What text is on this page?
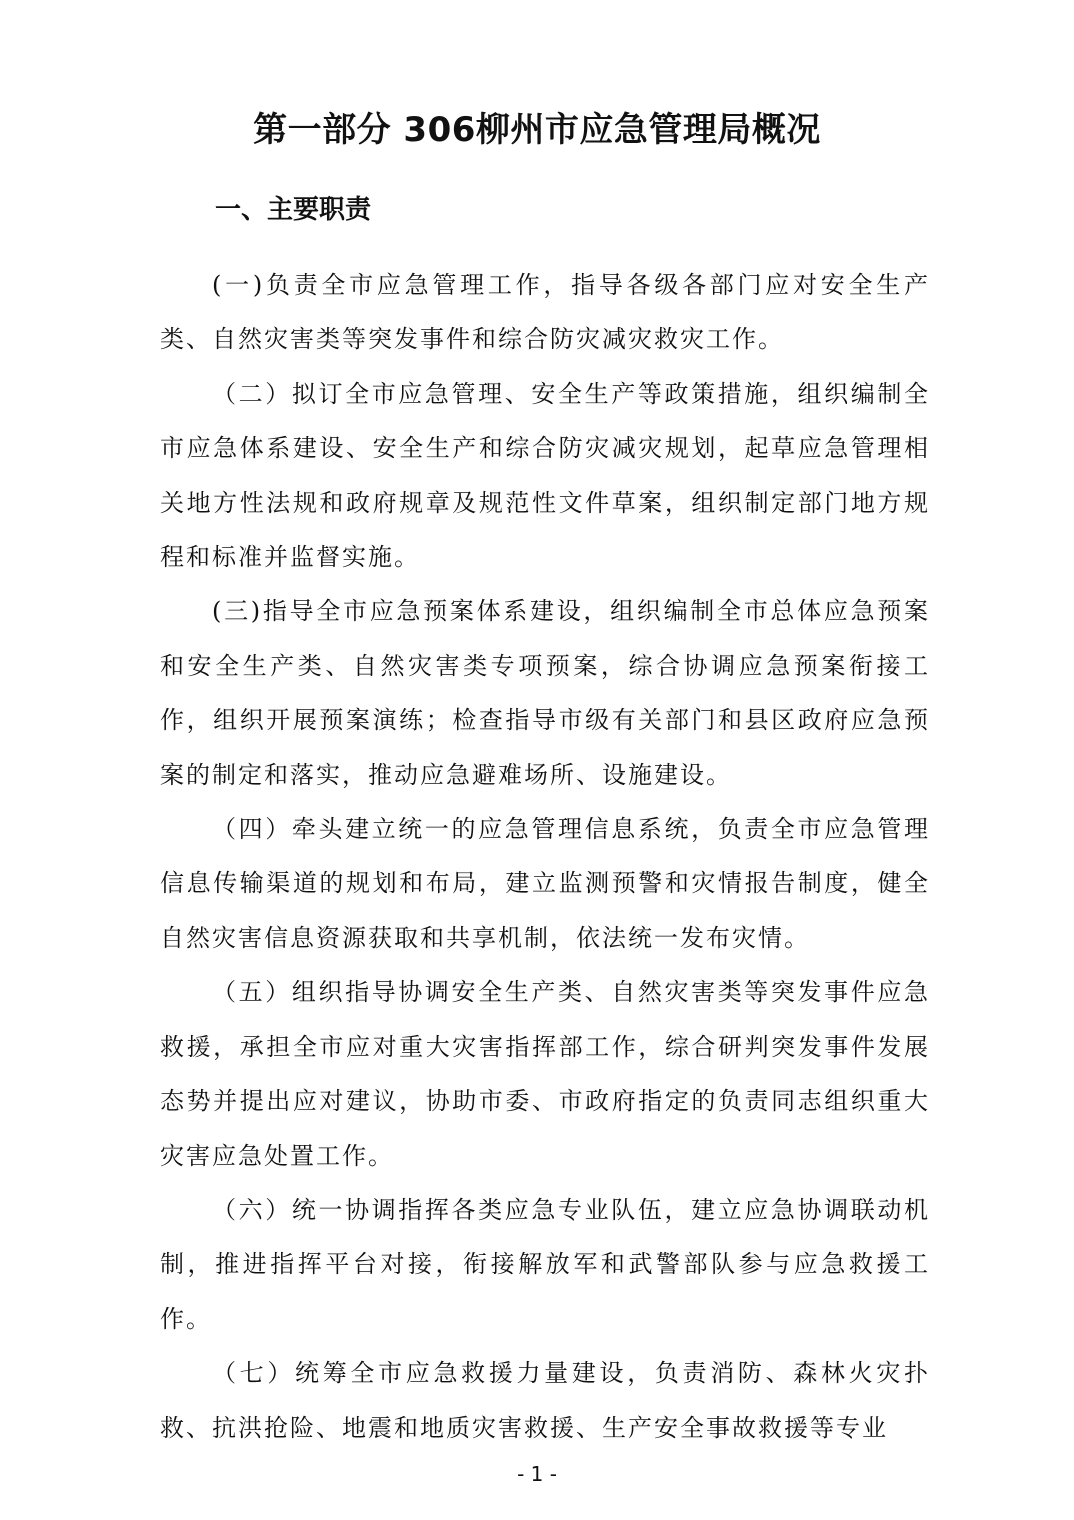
第一部分 306柳州市应急管理局概况
一、主要职责

(一)负责全市应急管理工作，指导各级各部门应对安全生产类、自然灾害类等突发事件和综合防灾减灾救灾工作。

（二）拟订全市应急管理、安全生产等政策措施，组织编制全市应急体系建设、安全生产和综合防灾减灾规划，起草应急管理相关地方性法规和政府规章及规范性文件草案，组织制定部门地方规程和标准并监督实施。

(三)指导全市应急预案体系建设，组织编制全市总体应急预案和安全生产类、自然灾害类专项预案，综合协调应急预案衔接工作，组织开展预案演练；检查指导市级有关部门和县区政府应急预案的制定和落实，推动应急避难场所、设施建设。

（四）牵头建立统一的应急管理信息系统，负责全市应急管理信息传输渠道的规划和布局，建立监测预警和灾情报告制度，健全自然灾害信息资源获取和共享机制，依法统一发布灾情。

（五）组织指导协调安全生产类、自然灾害类等突发事件应急救援，承担全市应对重大灾害指挥部工作，综合研判突发事件发展态势并提出应对建议，协助市委、市政府指定的负责同志组织重大灾害应急处置工作。

（六）统一协调指挥各类应急专业队伍，建立应急协调联动机制，推进指挥平台对接，衔接解放军和武警部队参与应急救援工作。

（七）统筹全市应急救援力量建设，负责消防、森林火灾扑救、抗洪抢险、地震和地质灾害救援、生产安全事故救援等专业

- 1 -
